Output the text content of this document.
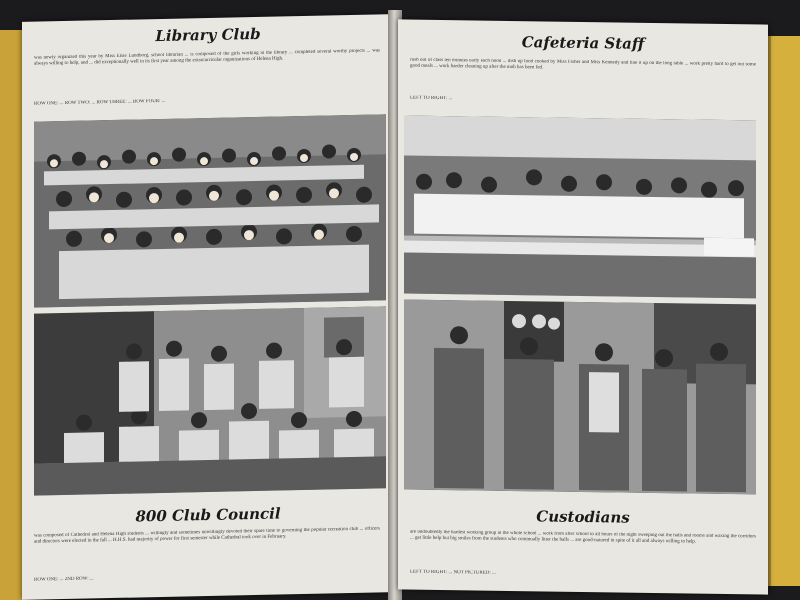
Library Club
was newly organized this year by Miss Elsie Lundborg, school librarian ... is composed of the girls working in the library ... completed several worthy projects ... was always willing to help, and ... did exceptionally well in its first year among the extracurricular organizations of Helena High.
ROW ONE: ... ROW TWO: ... ROW THREE: ... ROW FOUR: ...
800 Club Council
was composed of Cathedral and Helena High students ... willingly and sometimes unwillingly devoted their spare time to governing the popular recreation club ... officers and directors were elected in the fall ... H.H.S. had majority of power for first semester while Cathedral took over in February.
ROW ONE: ... 2ND ROW: ...
Cafeteria Staff
rush out of class ten minutes early each noon ... dish up food cooked by Miss Fisher and Miss Kennedy and line it up on the long table ... work pretty hard to get out some good meals ... work harder cleaning up after the mob has been fed.
LEFT TO RIGHT: ...
Custodians
are undoubtedly the hardest working group in the whole school ... work from after school to all hours of the night sweeping out the halls and rooms and waxing the corridors ... get little help but big smiles from the students who continually litter the halls ... are good-natured in spite of it all and always willing to help.
LEFT TO RIGHT: ... NOT PICTURED: ...
